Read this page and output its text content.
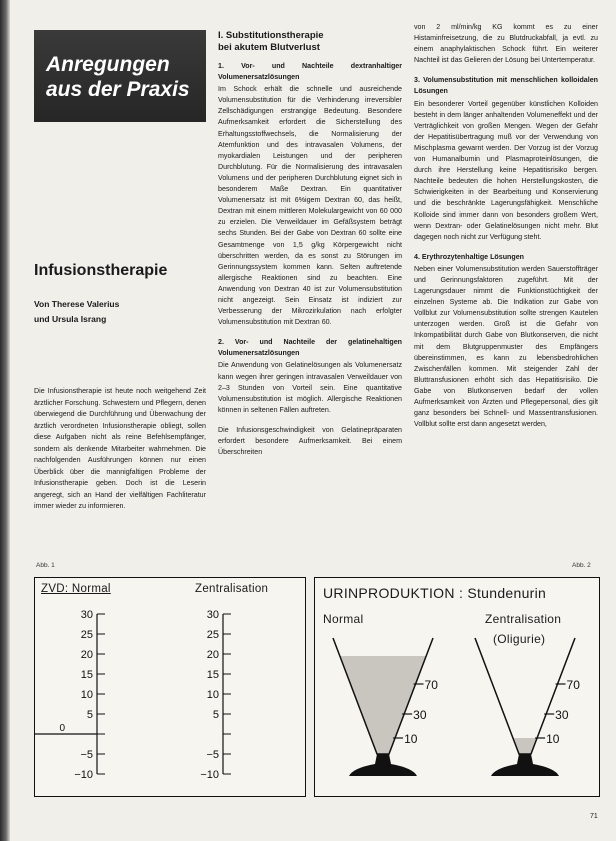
Anregungen
aus der Praxis
Infusionstherapie
Von Therese Valerius
und Ursula Israng
Die Infusionstherapie ist heute noch weitgehend Zeit ärztlicher Forschung. Schwestern und Pflegern, denen überwiegend die Durchführung und Überwachung der ärztlich verordneten Infusionstherapie obliegt, sollen diese Aufgaben nicht als reine Befehlsempfänger, sondern als denkende Mitarbeiter wahrnehmen. Die nachfolgenden Ausführungen können nur einen Überblick über die mannigfaltigen Probleme der Infusionstherapie geben. Doch ist die Leserin angeregt, sich an Hand der vielfältigen Fachliteratur immer wieder zu informieren.
I. Substitutionstherapie
bei akutem Blutverlust
1. Vor- und Nachteile dextranhaltiger Volumenersatzlösungen
Im Schock erhält die schnelle und ausreichende Volumensubstitution für die Verhinderung irreversibler Zellschädigungen erstrangige Bedeutung. Besondere Aufmerksamkeit erfordert die Sicherstellung des Erhaltungsstoffwechsels, die Normalisierung der Atemfunktion und des intravasalen Volumens, der myokardialen Leistungen und der peripheren Durchblutung. Für die Normalisierung des intravasalen Volumens und der peripheren Durchblutung eignet sich in besonderem Maße Dextran. Ein quantitativer Volumenersatz ist mit 6%igem Dextran 60, das heißt, Dextran mit einem mittleren Molekulargewicht von 60 000 zu erzielen. Die Verweildauer im Gefäßsystem beträgt sechs Stunden. Bei der Gabe von Dextran 60 sollte eine Gesamtmenge von 1,5 g/kg Körpergewicht nicht überschritten werden, da es sonst zu Störungen im Gerinnungssystem kommen kann. Selten auftretende allergische Reaktionen sind zu beachten. Eine Anwendung von Dextran 40 ist zur Volumensubstitution nicht angezeigt. Sein Einsatz ist indiziert zur Verbesserung der Mikrozirkulation nach erfolgter Volumensubstitution mit Dextran 60.
2. Vor- und Nachteile der gelatinehaltigen Volumenersatzlösungen
Die Anwendung von Gelatinelösungen als Volumenersatz kann wegen ihrer geringen intravasalen Verweildauer von 2–3 Stunden von Vorteil sein. Eine quantitative Volumensubstitution ist möglich. Allergische Reaktionen können in seltenen Fällen auftreten.
Die Infusionsgeschwindigkeit von Gelatinepräparaten erfordert besondere Aufmerksamkeit. Bei einem Überschreiten
von 2 ml/min/kg KG kommt es zu einer Histaminfreisetzung, die zu Blutdruckabfall, ja evtl. zu einem anaphylaktischen Schock führt. Ein weiterer Nachteil ist das Gelieren der Lösung bei Untertemperatur.
3. Volumensubstitution mit menschlichen kolloidalen Lösungen
Ein besonderer Vorteil gegenüber künstlichen Kolloiden besteht in dem länger anhaltenden Volumeneffekt und der Verträglichkeit von großen Mengen. Wegen der Gefahr der Hepatitisübertragung muß vor der Verwendung von Mischplasma gewarnt werden. Der Vorzug ist der Vorzug von Humanalbumin und Plasmaproteinlösungen, die durch ihre Herstellung keine Hepatitisrisiko bergen. Nachteile bedeuten die hohen Herstellungskosten, die Schwierigkeiten in der Bearbeitung und Konservierung und die beschränkte Lagerungsfähigkeit. Menschliche Kolloide sind immer dann von besonders großem Wert, wenn Dextran- oder Gelatinelösungen nicht mehr. Blut dagegen noch nicht zur Verfügung steht.
4. Erythrozytenhaltige Lösungen
Neben einer Volumensubstitution werden Sauerstoffträger und Gerinnungsfaktoren zugeführt. Mit der Lagerungsdauer nimmt die Funktionstüchtigkeit der einzelnen Systeme ab. Die Indikation zur Gabe von Vollblut zur Volumensubstitution sollte strengen Kautelen unterzogen werden. Groß ist die Gefahr von Inkompatibilität durch Gabe von Blutkonserven, die nicht mit dem Blutgruppenmuster des Empfängers übereinstimmen, es kann zu lebensbedrohlichen Zwischenfällen kommen. Mit steigender Zahl der Bluttransfusionen erhöht sich das Hepatitisrisiko. Die Gabe von Blutkonserven bedarf der vollen Aufmerksamkeit von Ärzten und Pflegepersonal, dies gilt ganz besonders bei Schnell- und Massentransfusionen. Vollblut sollte erst dann angesetzt werden,
Abb. 1	Abb. 2
ZVD: Normal	Zentralisation
30
25
20
15
10
5
−5
−10
30
25
20
15
10
5
−5
−10
0
URINPRODUKTION : Stundenurin
Normal	Zentralisation
(Oligurie)
70
30
10
70
30
10
71
